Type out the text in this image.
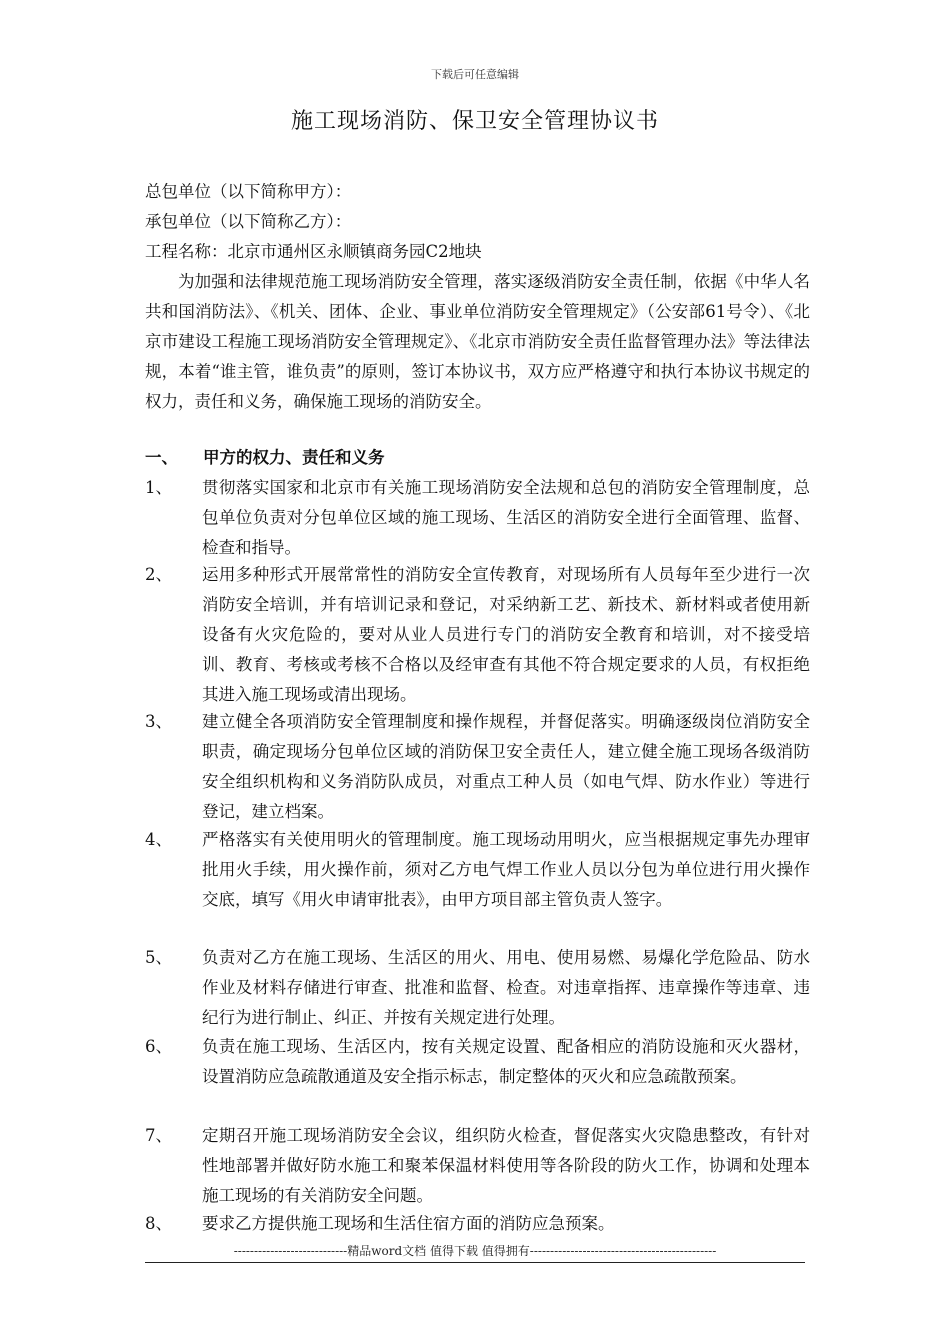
下载后可任意编辑
施工现场消防、保卫安全管理协议书
总包单位（以下简称甲方）：
承包单位（以下简称乙方）：
工程名称：北京市通州区永顺镇商务园C2地块
为加强和法律规范施工现场消防安全管理，落实逐级消防安全责任制，依据《中华人名共和国消防法》、《机关、团体、企业、事业单位消防安全管理规定》（公安部61号令）、《北京市建设工程施工现场消防安全管理规定》、《北京市消防安全责任监督管理办法》等法律法规，本着“谁主管，谁负责”的原则，签订本协议书，双方应严格遵守和执行本协议书规定的权力，责任和义务，确保施工现场的消防安全。
一、 甲方的权力、责任和义务
1、 贯彻落实国家和北京市有关施工现场消防安全法规和总包的消防安全管理制度，总包单位负责对分包单位区域的施工现场、生活区的消防安全进行全面管理、监督、检查和指导。
2、 运用多种形式开展常常性的消防安全宣传教育，对现场所有人员每年至少进行一次消防安全培训，并有培训记录和登记，对采纳新工艺、新技术、新材料或者使用新设备有火灾危险的，要对从业人员进行专门的消防安全教育和培训，对不接受培训、教育、考核或考核不合格以及经审查有其他不符合规定要求的人员，有权拒绝其进入施工现场或清出现场。
3、 建立健全各项消防安全管理制度和操作规程，并督促落实。明确逐级岗位消防安全职责，确定现场分包单位区域的消防保卫安全责任人，建立健全施工现场各级消防安全组织机构和义务消防队成员，对重点工种人员（如电气焊、防水作业）等进行登记，建立档案。
4、 严格落实有关使用明火的管理制度。施工现场动用明火，应当根据规定事先办理审批用火手续，用火操作前，须对乙方电气焊工作业人员以分包为单位进行用火操作交底，填写《用火申请审批表》，由甲方项目部主管负责人签字。
5、 负责对乙方在施工现场、生活区的用火、用电、使用易燃、易爆化学危险品、防水作业及材料存储进行审查、批准和监督、检查。对违章指挥、违章操作等违章、违纪行为进行制止、纠正、并按有关规定进行处理。
6、 负责在施工现场、生活区内，按有关规定设置、配备相应的消防设施和灭火器材，设置消防应急疏散通道及安全指示标志，制定整体的灭火和应急疏散预案。
7、 定期召开施工现场消防安全会议，组织防火检查，督促落实火灾隐患整改，有针对性地部署并做好防水施工和聚苯保温材料使用等各阶段的防火工作，协调和处理本施工现场的有关消防安全问题。
8、 要求乙方提供施工现场和生活住宿方面的消防应急预案。
----------------------------精品word文档 值得下载 值得拥有----------------------------------------------
